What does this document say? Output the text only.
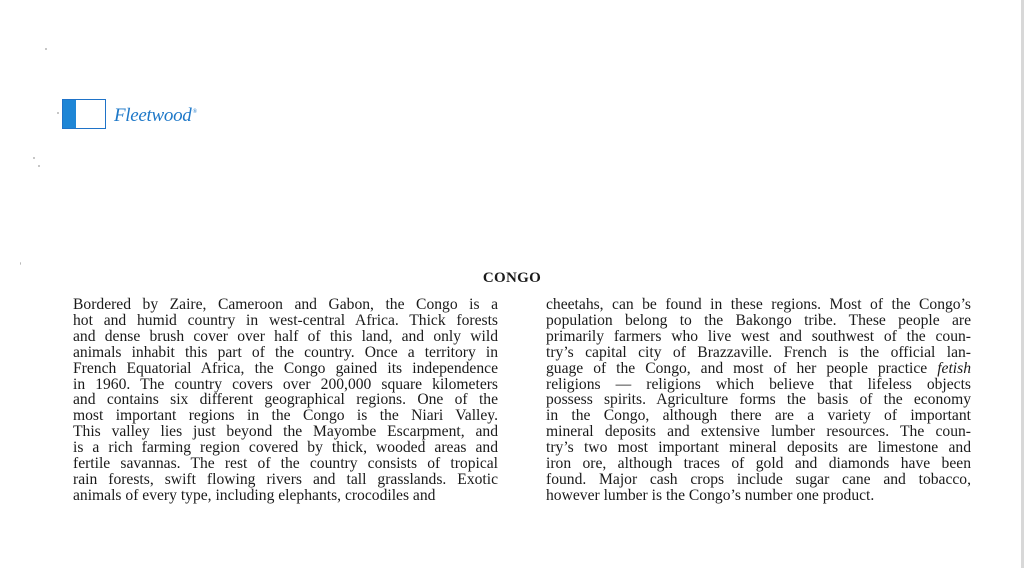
Fleetwood®
CONGO
Bordered by Zaire, Cameroon and Gabon, the Congo is a
hot and humid country in west-central Africa. Thick forests
and dense brush cover over half of this land, and only wild
animals inhabit this part of the country. Once a territory in
French Equatorial Africa, the Congo gained its independence
in 1960. The country covers over 200,000 square kilometers
and contains six different geographical regions. One of the
most important regions in the Congo is the Niari Valley.
This valley lies just beyond the Mayombe Escarpment, and
is a rich farming region covered by thick, wooded areas and
fertile savannas. The rest of the country consists of tropical
rain forests, swift flowing rivers and tall grasslands. Exotic
animals of every type, including elephants, crocodiles and
cheetahs, can be found in these regions. Most of the Congo’s
population belong to the Bakongo tribe. These people are
primarily farmers who live west and southwest of the coun-
try’s capital city of Brazzaville. French is the official lan-
guage of the Congo, and most of her people practice fetish
religions — religions which believe that lifeless objects
possess spirits. Agriculture forms the basis of the economy
in the Congo, although there are a variety of important
mineral deposits and extensive lumber resources. The coun-
try’s two most important mineral deposits are limestone and
iron ore, although traces of gold and diamonds have been
found. Major cash crops include sugar cane and tobacco,
however lumber is the Congo’s number one product.
